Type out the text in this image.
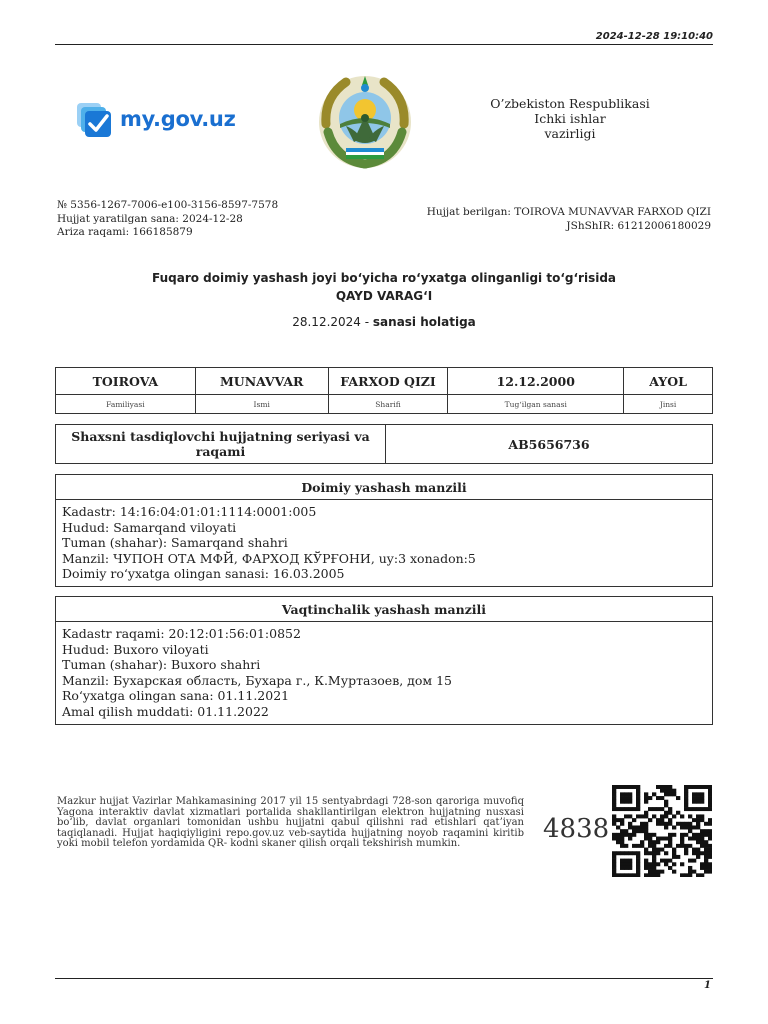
2024-12-28 19:10:40
my.gov.uz
O’zbekiston Respublikasi
Ichki ishlar
vazirligi
№ 5356-1267-7006-e100-3156-8597-7578
Hujjat yaratilgan sana: 2024-12-28
Ariza raqami: 166185879
Hujjat berilgan: TOIROVA MUNAVVAR FARXOD QIZI
JShShIR: 61212006180029
Fuqaro doimiy yashash joyi bo‘yicha ro‘yxatga olinganligi to‘g‘risida
QAYD VARAG‘I
28.12.2024 - sanasi holatiga
TOIROVA	MUNAVVAR	FARXOD QIZI	12.12.2000	AYOL
Familiyasi	Ismi	Sharifi	Tug‘ilgan sanasi	Jinsi
Shaxsni tasdiqlovchi hujjatning seriyasi va raqami	AB5656736
Doimiy yashash manzili
Kadastr: 14:16:04:01:01:1114:0001:005
Hudud: Samarqand viloyati
Tuman (shahar): Samarqand shahri
Manzil: ЧУПОН ОТА МФЙ, ФАРХОД КЎРҒОНИ, uy:3 xonadon:5
Doimiy ro‘yxatga olingan sanasi: 16.03.2005
Vaqtinchalik yashash manzili
Kadastr raqami: 20:12:01:56:01:0852
Hudud: Buxoro viloyati
Tuman (shahar): Buxoro shahri
Manzil: Бухарская область, Бухара г., К.Муртазоев, дом 15
Ro‘yxatga olingan sana: 01.11.2021
Amal qilish muddati: 01.11.2022
Mazkur hujjat Vazirlar Mahkamasining 2017 yil 15 sentyabrdagi 728-son qaroriga muvofiq Yagona interaktiv davlat xizmatlari portalida shakllantirilgan elektron hujjatning nusxasi bo‘lib, davlat organlari tomonidan ushbu hujjatni qabul qilishni rad etishlari qat’iyan taqiqlanadi. Hujjat haqiqiyligini repo.gov.uz veb-saytida hujjatning noyob raqamini kiritib yoki mobil telefon yordamida QR- kodni skaner qilish orqali tekshirish mumkin.	4838
1
